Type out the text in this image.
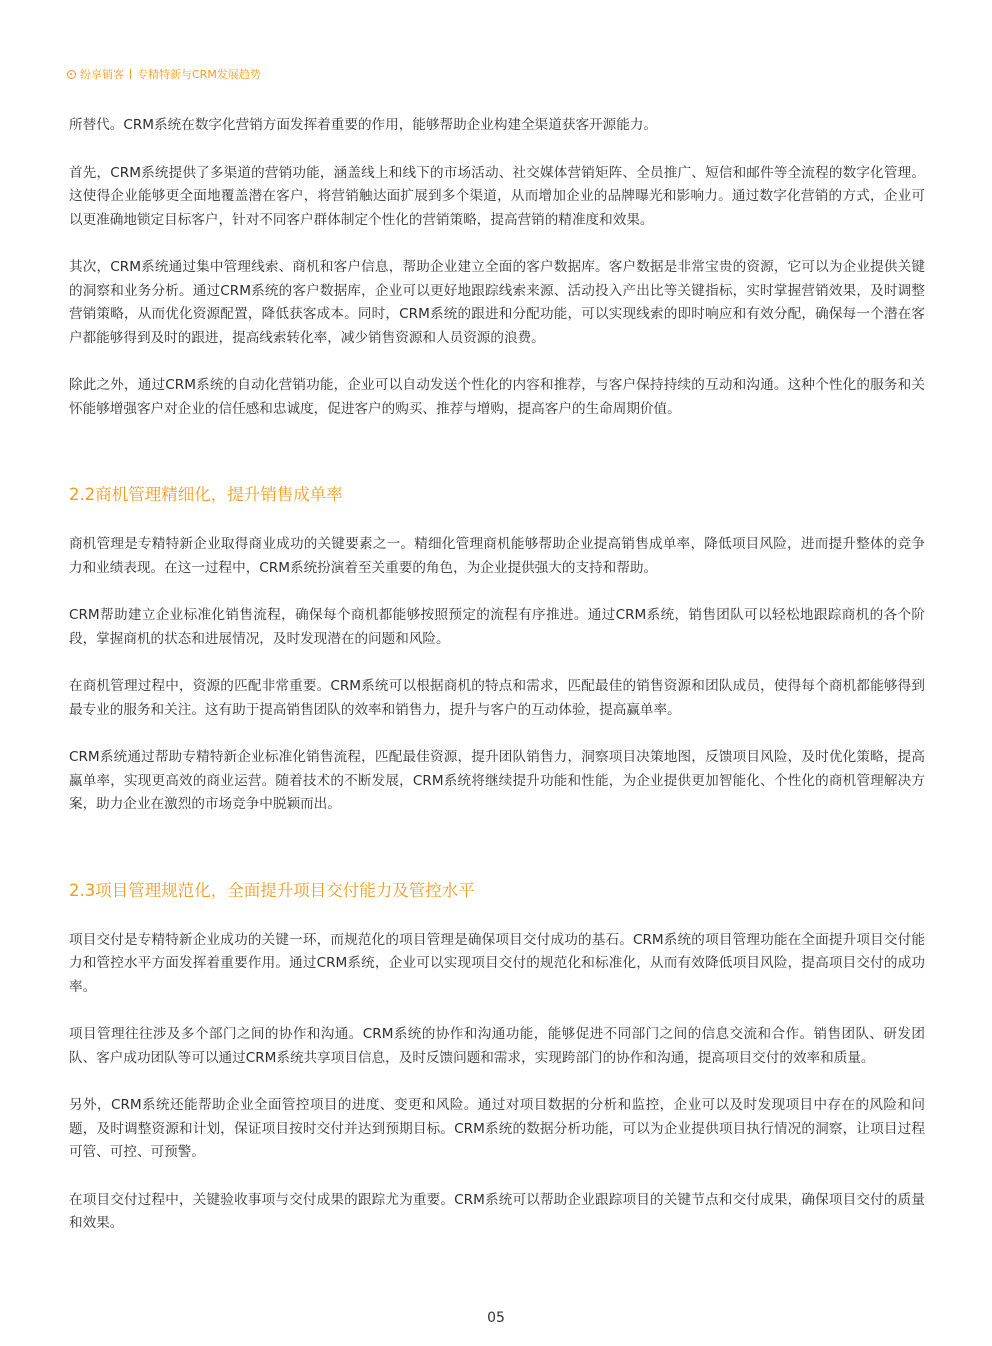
纷享销客 专精特新与CRM发展趋势

所替代。CRM系统在数字化营销方面发挥着重要的作用，能够帮助企业构建全渠道获客开源能力。

首先，CRM系统提供了多渠道的营销功能，涵盖线上和线下的市场活动、社交媒体营销矩阵、全员推广、短信和邮件等全流程的数字化管理。这使得企业能够更全面地覆盖潜在客户，将营销触达面扩展到多个渠道，从而增加企业的品牌曝光和影响力。通过数字化营销的方式，企业可以更准确地锁定目标客户，针对不同客户群体制定个性化的营销策略，提高营销的精准度和效果。

其次，CRM系统通过集中管理线索、商机和客户信息，帮助企业建立全面的客户数据库。客户数据是非常宝贵的资源，它可以为企业提供关键的洞察和业务分析。通过CRM系统的客户数据库，企业可以更好地跟踪线索来源、活动投入产出比等关键指标，实时掌握营销效果，及时调整营销策略，从而优化资源配置，降低获客成本。同时，CRM系统的跟进和分配功能，可以实现线索的即时响应和有效分配，确保每一个潜在客户都能够得到及时的跟进，提高线索转化率，减少销售资源和人员资源的浪费。

除此之外，通过CRM系统的自动化营销功能，企业可以自动发送个性化的内容和推荐，与客户保持持续的互动和沟通。这种个性化的服务和关怀能够增强客户对企业的信任感和忠诚度，促进客户的购买、推荐与增购，提高客户的生命周期价值。

2.2商机管理精细化，提升销售成单率

商机管理是专精特新企业取得商业成功的关键要素之一。精细化管理商机能够帮助企业提高销售成单率，降低项目风险，进而提升整体的竞争力和业绩表现。在这一过程中，CRM系统扮演着至关重要的角色，为企业提供强大的支持和帮助。

CRM帮助建立企业标准化销售流程，确保每个商机都能够按照预定的流程有序推进。通过CRM系统，销售团队可以轻松地跟踪商机的各个阶段，掌握商机的状态和进展情况，及时发现潜在的问题和风险。

在商机管理过程中，资源的匹配非常重要。CRM系统可以根据商机的特点和需求，匹配最佳的销售资源和团队成员，使得每个商机都能够得到最专业的服务和关注。这有助于提高销售团队的效率和销售力，提升与客户的互动体验，提高赢单率。

CRM系统通过帮助专精特新企业标准化销售流程，匹配最佳资源，提升团队销售力，洞察项目决策地图，反馈项目风险，及时优化策略，提高赢单率，实现更高效的商业运营。随着技术的不断发展，CRM系统将继续提升功能和性能，为企业提供更加智能化、个性化的商机管理解决方案，助力企业在激烈的市场竞争中脱颖而出。

2.3项目管理规范化，全面提升项目交付能力及管控水平

项目交付是专精特新企业成功的关键一环，而规范化的项目管理是确保项目交付成功的基石。CRM系统的项目管理功能在全面提升项目交付能力和管控水平方面发挥着重要作用。通过CRM系统，企业可以实现项目交付的规范化和标准化，从而有效降低项目风险，提高项目交付的成功率。

项目管理往往涉及多个部门之间的协作和沟通。CRM系统的协作和沟通功能，能够促进不同部门之间的信息交流和合作。销售团队、研发团队、客户成功团队等可以通过CRM系统共享项目信息，及时反馈问题和需求，实现跨部门的协作和沟通，提高项目交付的效率和质量。

另外，CRM系统还能帮助企业全面管控项目的进度、变更和风险。通过对项目数据的分析和监控，企业可以及时发现项目中存在的风险和问题，及时调整资源和计划，保证项目按时交付并达到预期目标。CRM系统的数据分析功能，可以为企业提供项目执行情况的洞察，让项目过程可管、可控、可预警。

在项目交付过程中，关键验收事项与交付成果的跟踪尤为重要。CRM系统可以帮助企业跟踪项目的关键节点和交付成果，确保项目交付的质量和效果。

05
